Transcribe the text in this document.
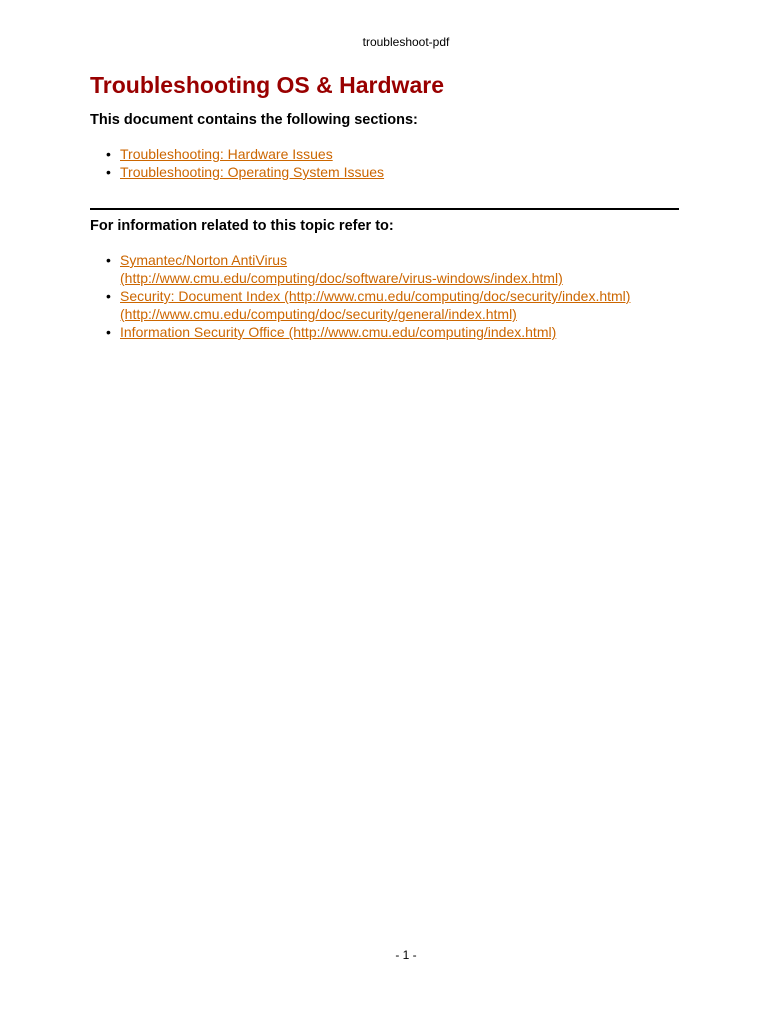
troubleshoot-pdf
Troubleshooting OS & Hardware
This document contains the following sections:
• Troubleshooting: Hardware Issues
• Troubleshooting: Operating System Issues
For information related to this topic refer to:
• Symantec/Norton AntiVirus
(http://www.cmu.edu/computing/doc/software/virus-windows/index.html)
• Security: Document Index (http://www.cmu.edu/computing/doc/security/index.html)
(http://www.cmu.edu/computing/doc/security/general/index.html)
• Information Security Office (http://www.cmu.edu/computing/index.html)
- 1 -
